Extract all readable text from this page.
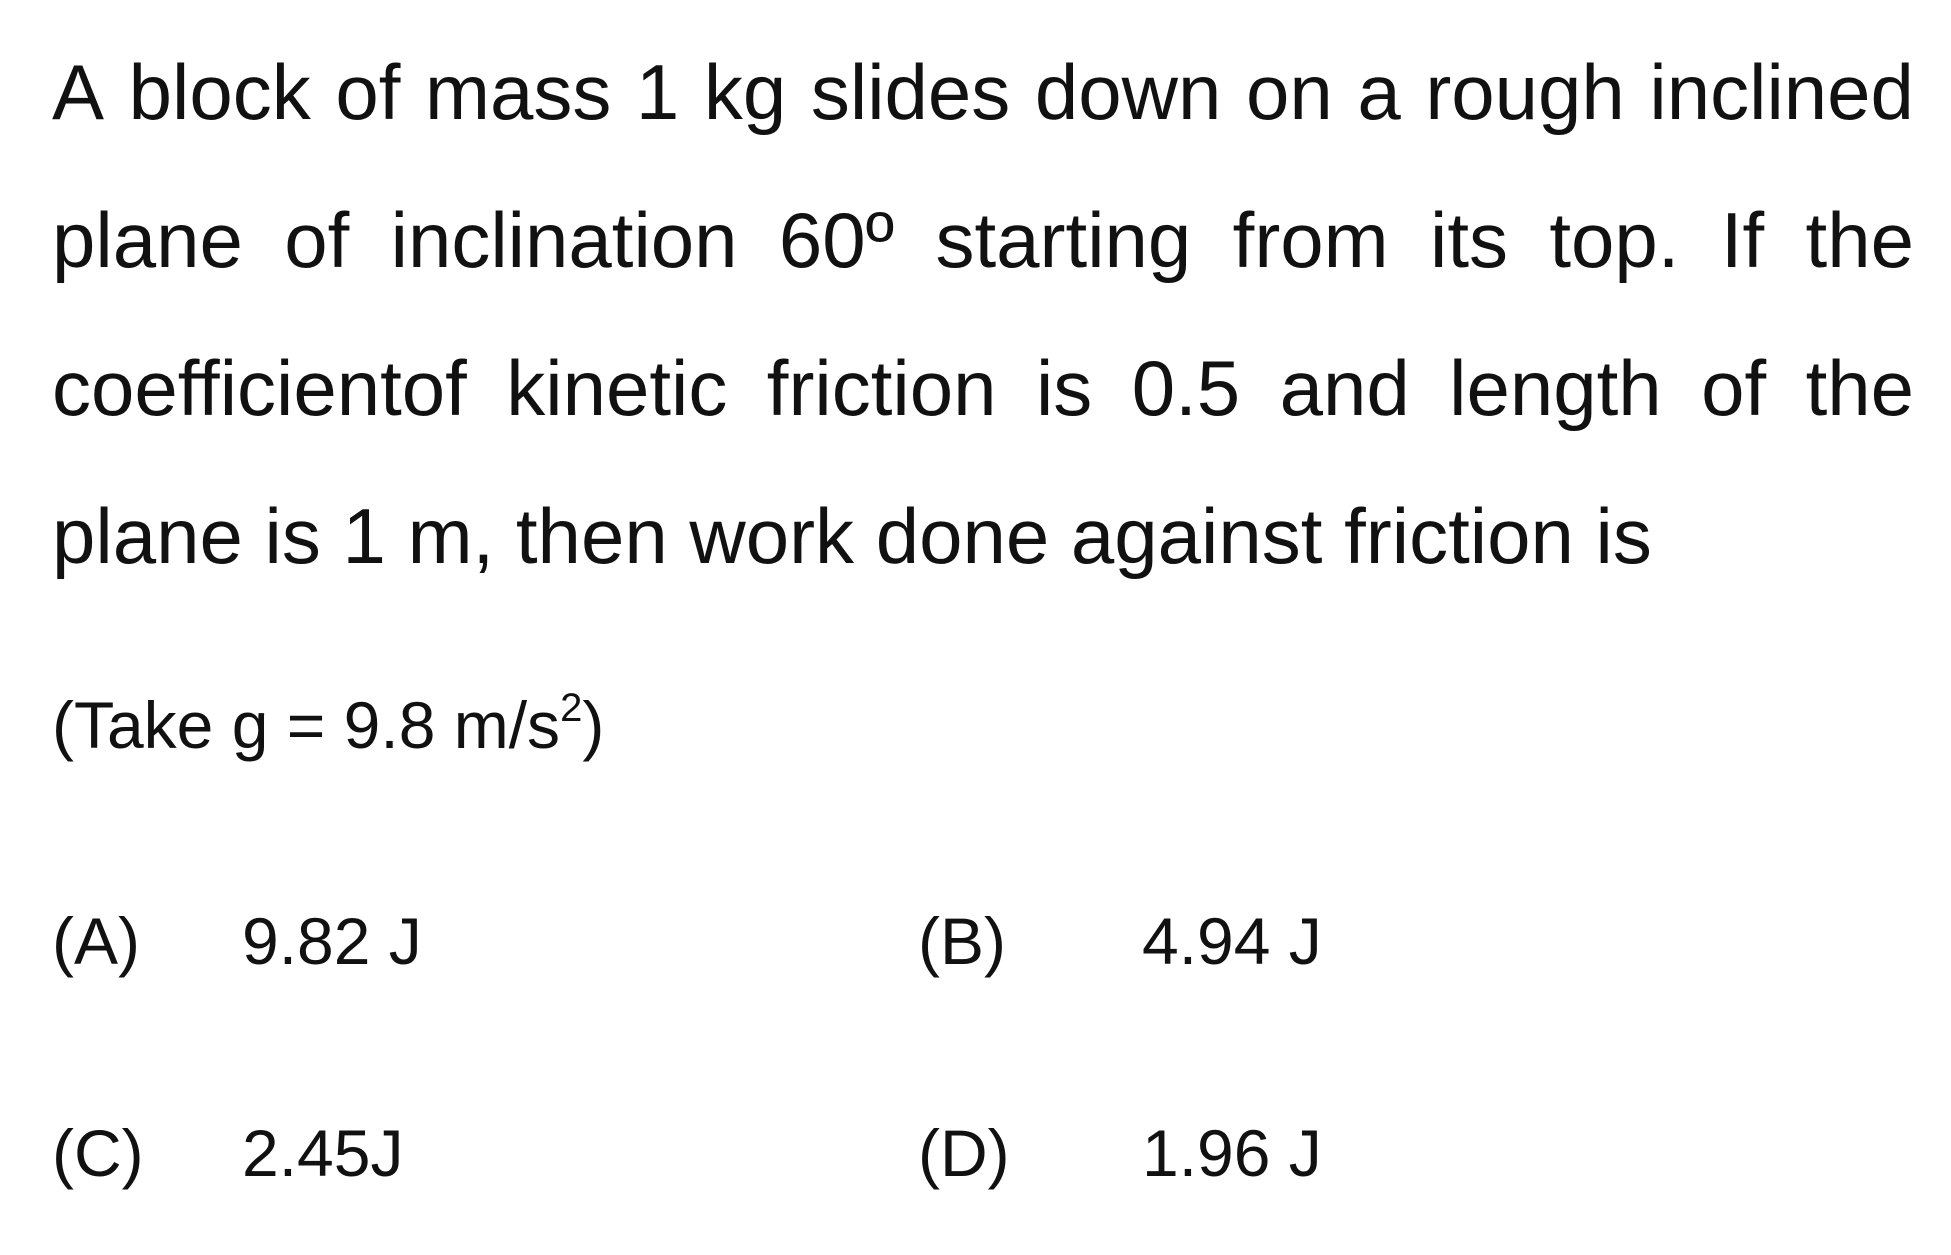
A block of mass 1 kg slides down on a rough inclined
plane of inclination 60º starting from its top. If the
coefficientof kinetic friction is 0.5 and length of the
plane is 1 m, then work done against friction is
(Take g = 9.8 $m/s^2$)
(A) 9.82 J	(B) 4.94 J
(C) 2.45J	(D) 1.96 J
